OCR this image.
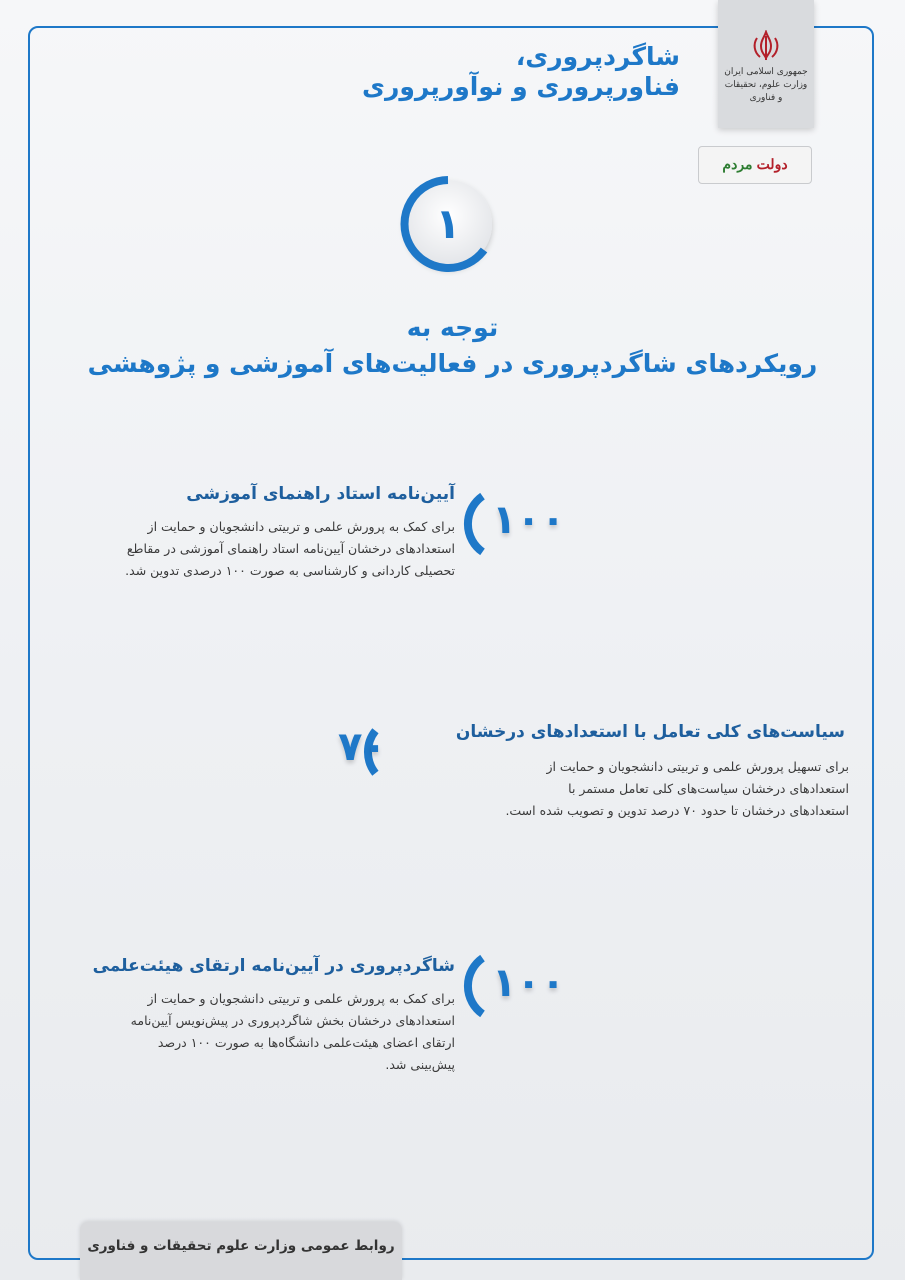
جمهوری اسلامی ایران
وزارت علوم، تحقیقات و فناوری
دولت
مردم
شاگردپروری،
فناورپروری و نوآورپروری
۱
توجه به
رویکردهای شاگردپروری در فعالیت‌های آموزشی و پژوهشی
۱۰۰
آیین‌نامه استاد راهنمای آموزشی
برای کمک به پرورش علمی و تربیتی دانشجویان و حمایت از
استعدادهای درخشان آیین‌نامه استاد راهنمای آموزشی در مقاطع
تحصیلی کاردانی و کارشناسی به صورت ۱۰۰ درصدی تدوین شد.
۷۰	سیاست‌های کلی تعامل با استعدادهای درخشان
برای تسهیل پرورش علمی و تربیتی دانشجویان و حمایت از
استعدادهای درخشان سیاست‌های کلی تعامل مستمر با
استعدادهای درخشان تا حدود ۷۰ درصد تدوین و تصویب شده است.
۱۰۰
شاگردپروری در آیین‌نامه ارتقای هیئت‌علمی
برای کمک به پرورش علمی و تربیتی دانشجویان و حمایت از
استعدادهای درخشان بخش شاگردپروری در پیش‌نویس آیین‌نامه
ارتقای اعضای هیئت‌علمی دانشگاه‌ها به صورت ۱۰۰ درصد
پیش‌بینی شد.
روابط عمومی وزارت علوم تحقیقات و فناوری
